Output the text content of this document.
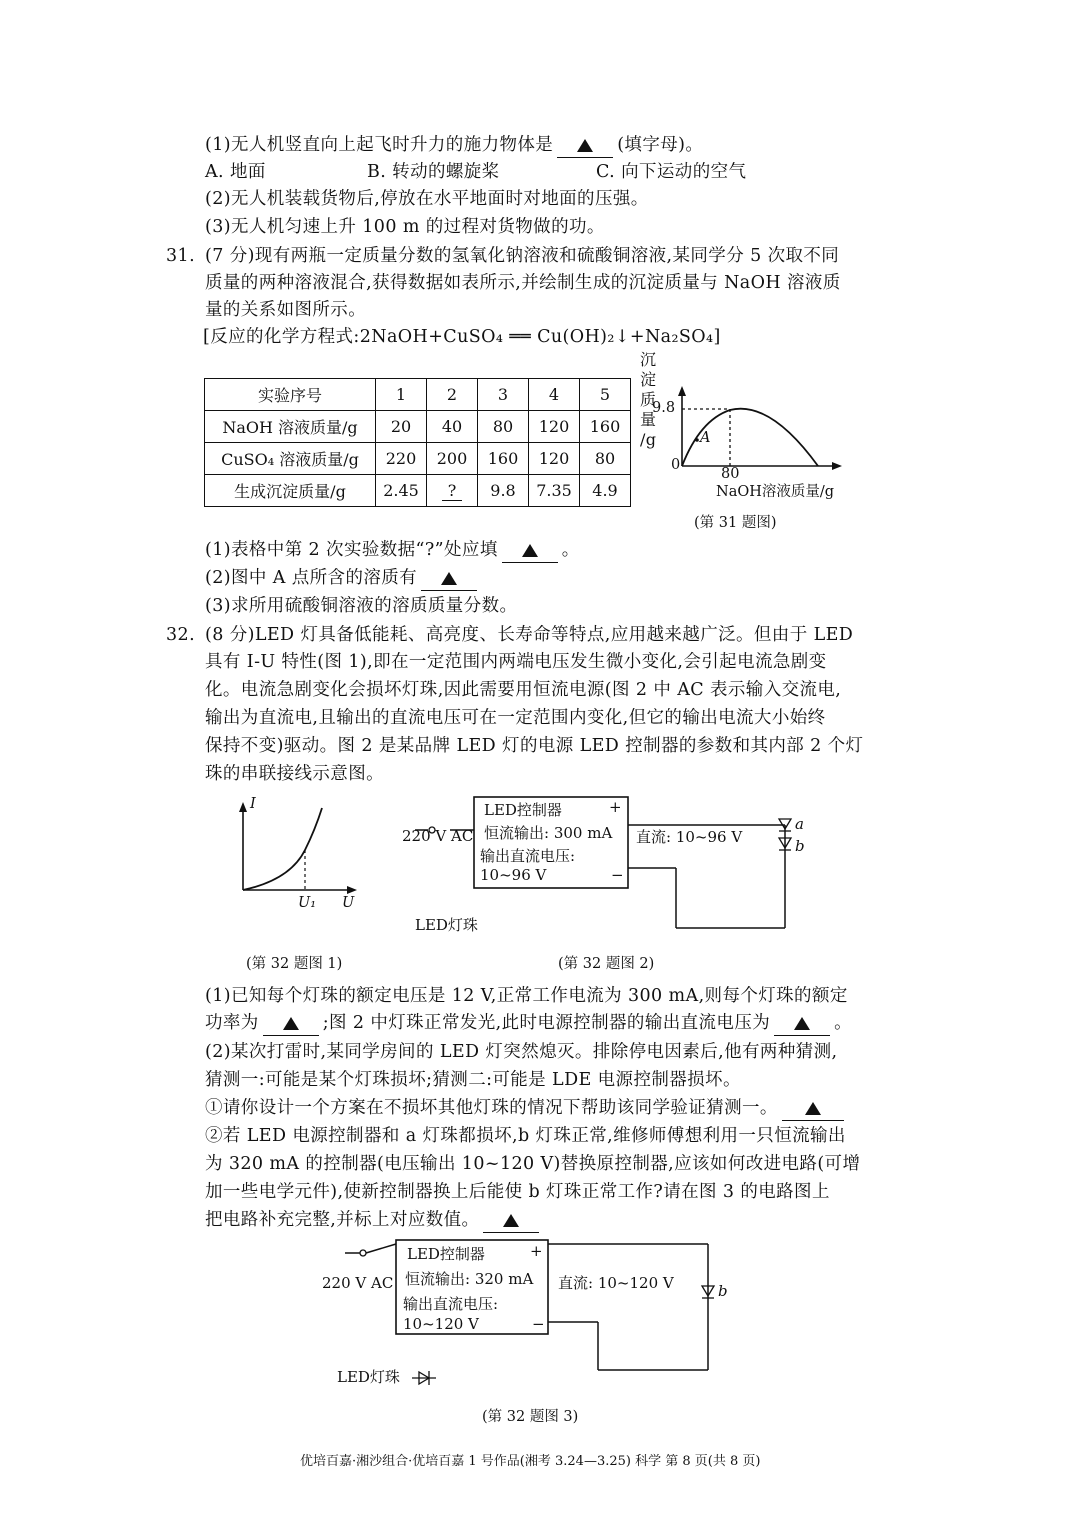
(1)无人机竖直向上起飞时升力的施力物体是	(填字母)。
A. 地面	B. 转动的螺旋桨	C. 向下运动的空气
(2)无人机装载货物后,停放在水平地面时对地面的压强。
(3)无人机匀速上升 100 m 的过程对货物做的功。
31. (7 分)现有两瓶一定质量分数的氢氧化钠溶液和硫酸铜溶液,某同学分 5 次取不同
质量的两种溶液混合,获得数据如表所示,并绘制生成的沉淀质量与 NaOH 溶液质
量的关系如图所示。
[反应的化学方程式:2NaOH+CuSO₄ ══ Cu(OH)₂↓+Na₂SO₄]
实验序号	1	2	3	4	5
NaOH 溶液质量/g	20	40	80	120	160
CuSO₄ 溶液质量/g	220	200	160	120	80
生成沉淀质量/g	2.45	?	9.8	7.35	4.9
沉
淀
质
量
/g
9.8
0
80
A
NaOH溶液质量/g
(第 31 题图)
(1)表格中第 2 次实验数据“?”处应填	。
(2)图中 A 点所含的溶质有
(3)求所用硫酸铜溶液的溶质质量分数。
32. (8 分)LED 灯具备低能耗、高亮度、长寿命等特点,应用越来越广泛。但由于 LED
具有 I-U 特性(图 1),即在一定范围内两端电压发生微小变化,会引起电流急剧变
化。电流急剧变化会损坏灯珠,因此需要用恒流电源(图 2 中 AC 表示输入交流电,
输出为直流电,且输出的直流电压可在一定范围内变化,但它的输出电流大小始终
保持不变)驱动。图 2 是某品牌 LED 灯的电源 LED 控制器的参数和其内部 2 个灯
珠的串联接线示意图。
I
U
U₁
(第 32 题图 1)
220 V AC
LED控制器	+
恒流输出: 300 mA
输出直流电压:
10~96 V	−
直流: 10~96 V
a
b
LED灯珠
(第 32 题图 2)
(1)已知每个灯珠的额定电压是 12 V,正常工作电流为 300 mA,则每个灯珠的额定
功率为	;图 2 中灯珠正常发光,此时电源控制器的输出直流电压为	。
(2)某次打雷时,某同学房间的 LED 灯突然熄灭。排除停电因素后,他有两种猜测,
猜测一:可能是某个灯珠损坏;猜测二:可能是 LDE 电源控制器损坏。
①请你设计一个方案在不损坏其他灯珠的情况下帮助该同学验证猜测一。
②若 LED 电源控制器和 a 灯珠都损坏,b 灯珠正常,维修师傅想利用一只恒流输出
为 320 mA 的控制器(电压输出 10~120 V)替换原控制器,应该如何改进电路(可增
加一些电学元件),使新控制器换上后能使 b 灯珠正常工作?请在图 3 的电路图上
把电路补充完整,并标上对应数值。
220 V AC
LED控制器	+
恒流输出: 320 mA
输出直流电压:
10~120 V	−
直流: 10~120 V	b
LED灯珠
(第 32 题图 3)
优培百嘉·湘沙组合·优培百嘉 1 号作品(湘考 3.24—3.25) 科学 第 8 页(共 8 页)
